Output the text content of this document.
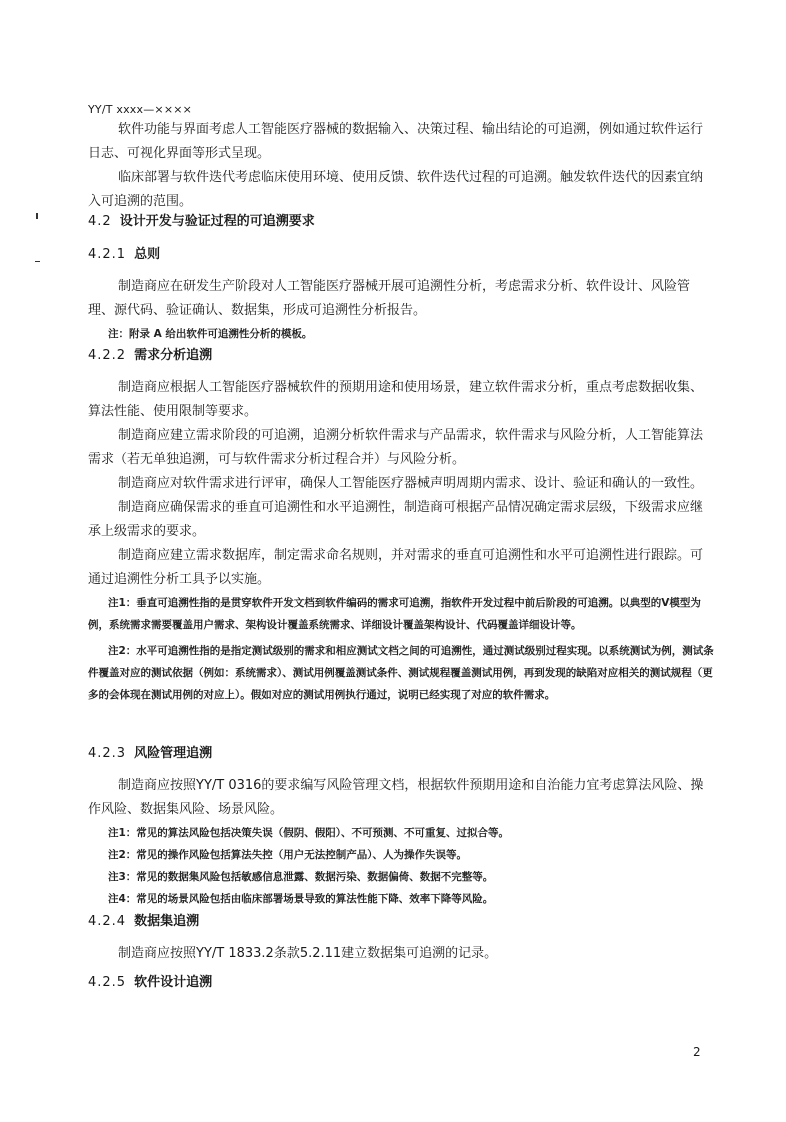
YY/T xxxx—××××

软件功能与界面考虑人工智能医疗器械的数据输入、决策过程、输出结论的可追溯，例如通过软件运行日志、可视化界面等形式呈现。

临床部署与软件迭代考虑临床使用环境、使用反馈、软件迭代过程的可追溯。触发软件迭代的因素宜纳入可追溯的范围。

4.2 设计开发与验证过程的可追溯要求

4.2.1 总则

制造商应在研发生产阶段对人工智能医疗器械开展可追溯性分析，考虑需求分析、软件设计、风险管理、源代码、验证确认、数据集，形成可追溯性分析报告。

注：附录 A 给出软件可追溯性分析的模板。

4.2.2 需求分析追溯

制造商应根据人工智能医疗器械软件的预期用途和使用场景，建立软件需求分析，重点考虑数据收集、算法性能、使用限制等要求。

制造商应建立需求阶段的可追溯，追溯分析软件需求与产品需求，软件需求与风险分析，人工智能算法需求（若无单独追溯，可与软件需求分析过程合并）与风险分析。

制造商应对软件需求进行评审，确保人工智能医疗器械声明周期内需求、设计、验证和确认的一致性。

制造商应确保需求的垂直可追溯性和水平追溯性，制造商可根据产品情况确定需求层级，下级需求应继承上级需求的要求。

制造商应建立需求数据库，制定需求命名规则，并对需求的垂直可追溯性和水平可追溯性进行跟踪。可通过追溯性分析工具予以实施。

注1：垂直可追溯性指的是贯穿软件开发文档到软件编码的需求可追溯，指软件开发过程中前后阶段的可追溯。以典型的V模型为例，系统需求需要覆盖用户需求、架构设计覆盖系统需求、详细设计覆盖架构设计、代码覆盖详细设计等。

注2：水平可追溯性指的是指定测试级别的需求和相应测试文档之间的可追溯性，通过测试级别过程实现。以系统测试为例，测试条件覆盖对应的测试依据（例如：系统需求）、测试用例覆盖测试条件、测试规程覆盖测试用例，再到发现的缺陷对应相关的测试规程（更多的会体现在测试用例的对应上）。假如对应的测试用例执行通过，说明已经实现了对应的软件需求。

4.2.3 风险管理追溯

制造商应按照YY/T 0316的要求编写风险管理文档，根据软件预期用途和自治能力宜考虑算法风险、操作风险、数据集风险、场景风险。

注1：常见的算法风险包括决策失误（假阴、假阳）、不可预测、不可重复、过拟合等。

注2：常见的操作风险包括算法失控（用户无法控制产品）、人为操作失误等。

注3：常见的数据集风险包括敏感信息泄露、数据污染、数据偏倚、数据不完整等。

注4：常见的场景风险包括由临床部署场景导致的算法性能下降、效率下降等风险。

4.2.4 数据集追溯

制造商应按照YY/T 1833.2条款5.2.11建立数据集可追溯的记录。

4.2.5 软件设计追溯

2
